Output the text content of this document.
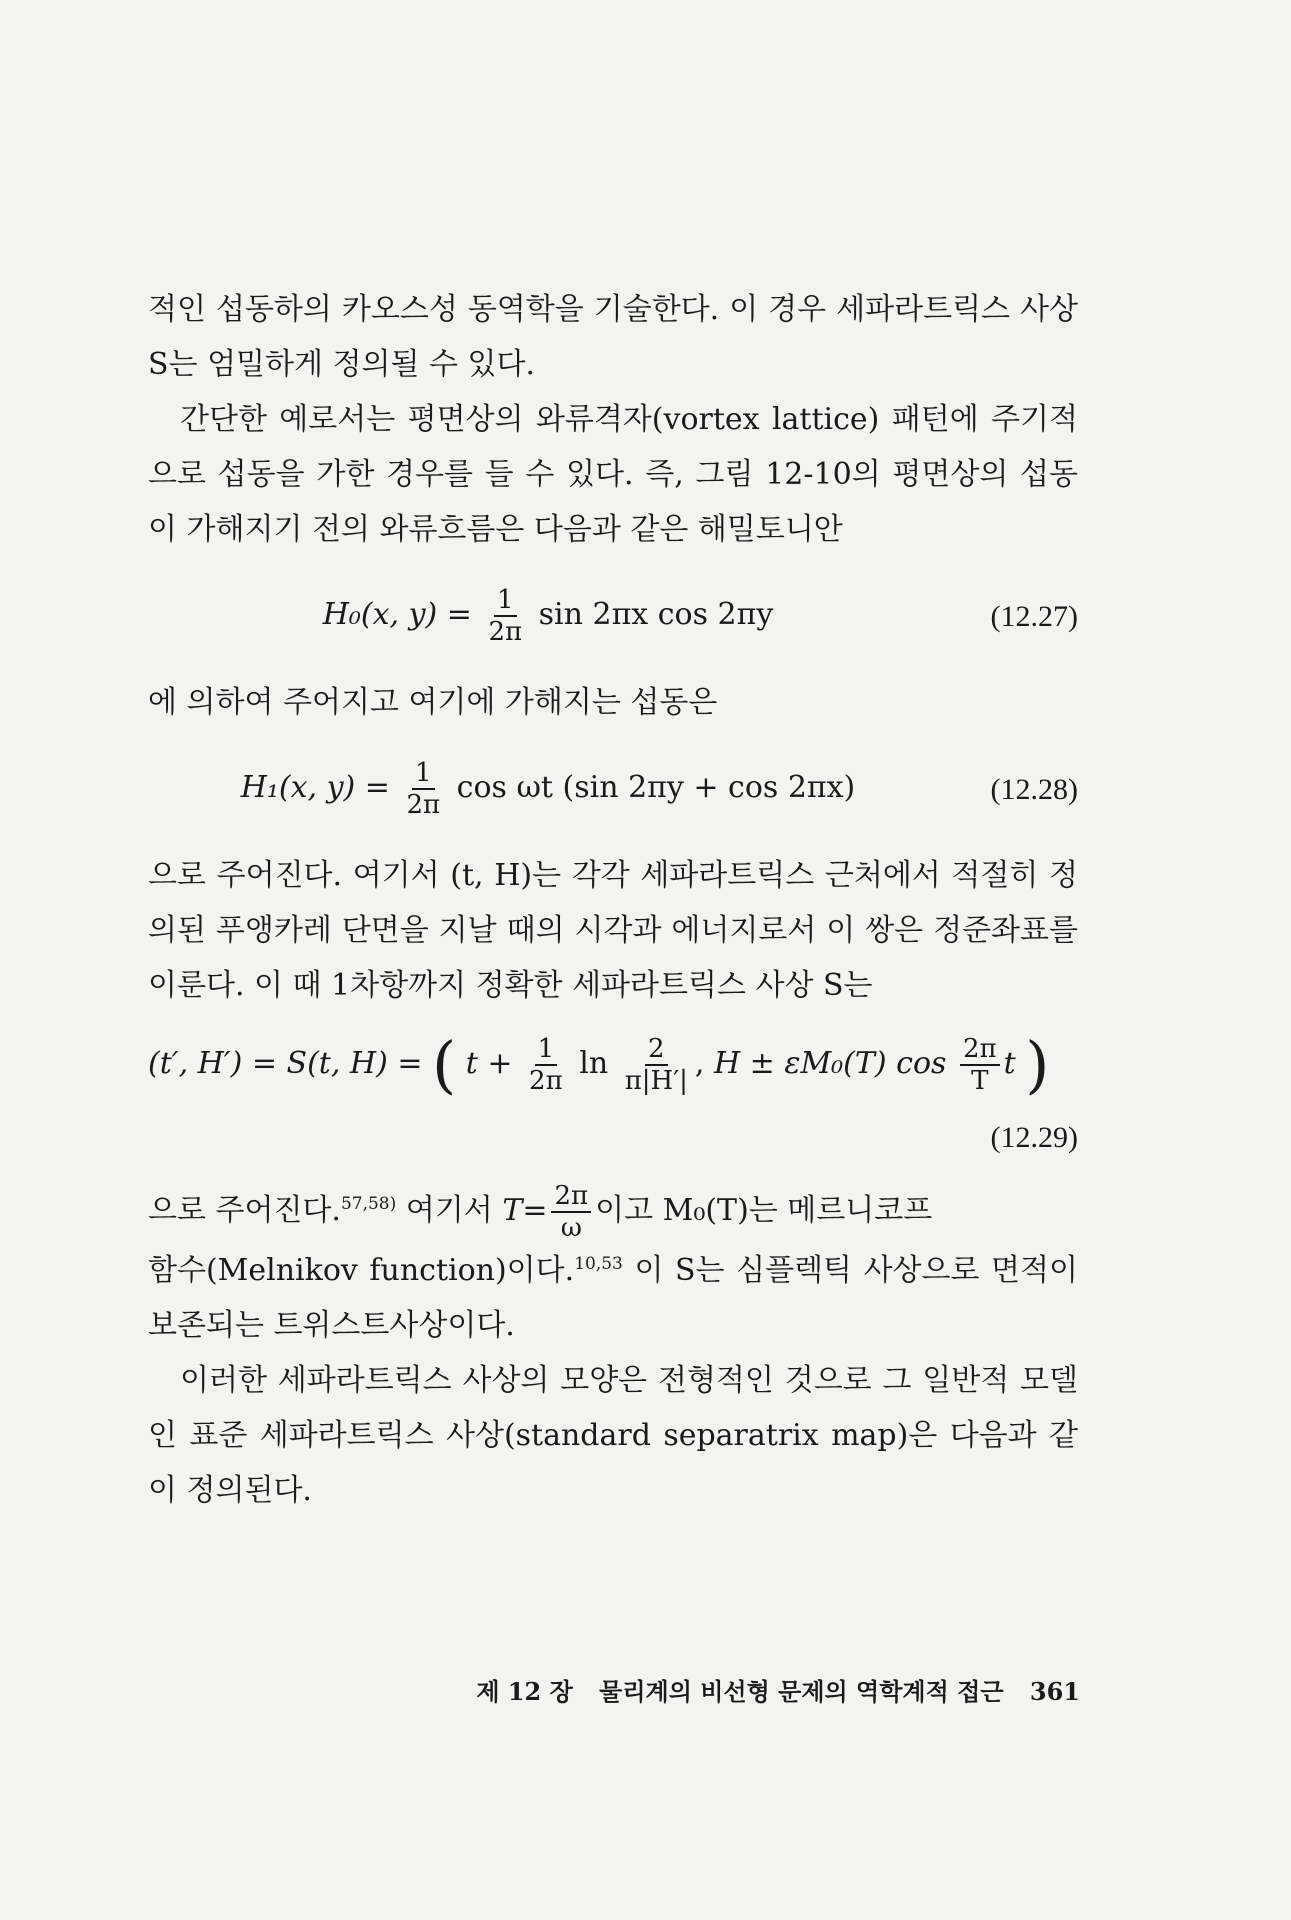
적인 섭동하의 카오스성 동역학을 기술한다. 이 경우 세파라트릭스 사상 S는 엄밀하게 정의될 수 있다.

간단한 예로서는 평면상의 와류격자(vortex lattice) 패턴에 주기적으로 섭동을 가한 경우를 들 수 있다. 즉, 그림 12-10의 평면상의 섭동이 가해지기 전의 와류흐름은 다음과 같은 해밀토니안

H₀(x, $y) = \frac{1}{2\pi}$ sin 2πx cos 2πy	(12.27)

에 의하여 주어지고 여기에 가해지는 섭동은

H₁(x, $y) = \frac{1}{2\pi}$ cos ωt (sin 2πy + cos 2πx)	(12.28)

으로 주어진다. 여기서 (t, H)는 각각 세파라트릭스 근처에서 적절히 정의된 푸앵카레 단면을 지날 때의 시각과 에너지로서 이 쌍은 정준좌표를 이룬다. 이 때 1차항까지 정확한 세파라트릭스 사상 S는

(t′, H′) = S(t, H) = ( $t + \frac{1}{2\pi}$ $\ln \frac{2}{\pi|H'|}$ , H ± εM₀(T) $\cos \frac{2\pi}{T}$ t )
(12.29)

으로 주어진다.$^{57,58)}$ 여기서 $T= \frac{2\pi}{\omega}$ 이고 M₀(T)는 메르니코프

함수(Melnikov function)이다.$^{10,53}$ 이 S는 심플렉틱 사상으로 면적이 보존되는 트위스트사상이다.

이러한 세파라트릭스 사상의 모양은 전형적인 것으로 그 일반적 모델인 표준 세파라트릭스 사상(standard separatrix map)은 다음과 같이 정의된다.

제 12 장 물리계의 비선형 문제의 역학계적 접근 361
